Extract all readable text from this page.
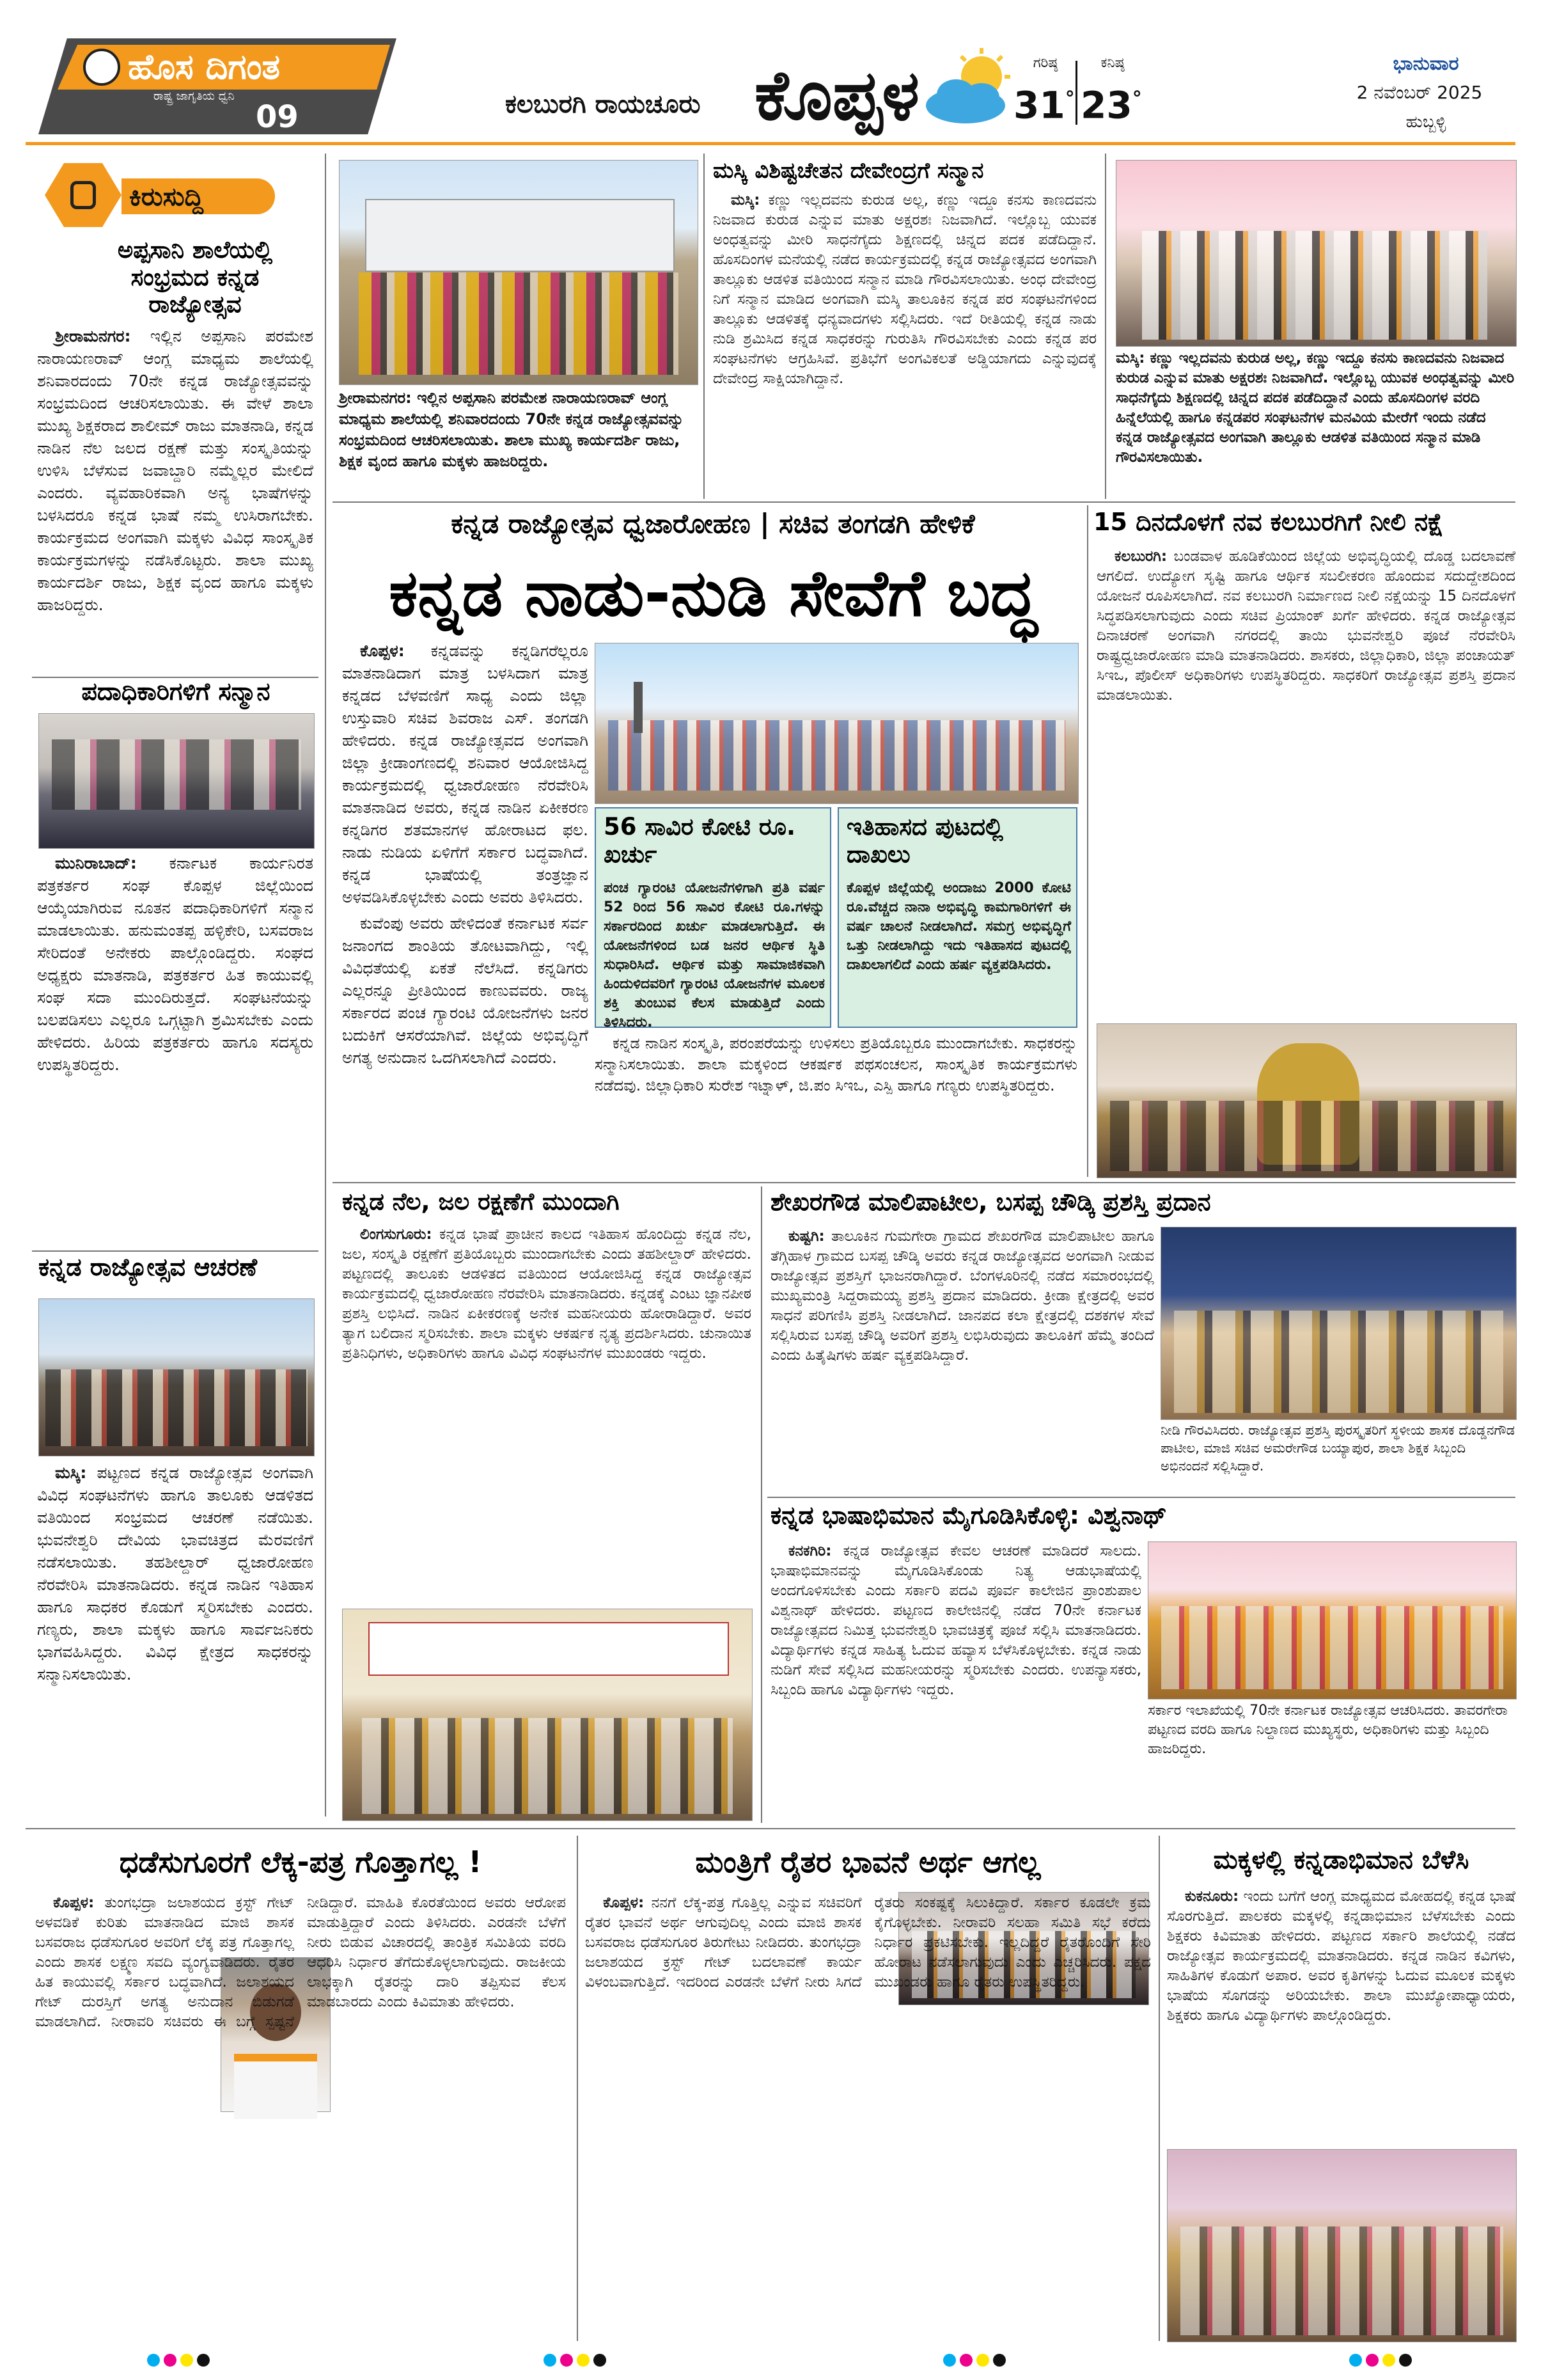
ಹೊಸ ದಿಗಂತ
ರಾಷ್ಟ್ರ ಜಾಗೃತಿಯ ಧ್ವನಿ
09	ಕಲಬುರಗಿ ರಾಯಚೂರು ಕೊಪ್ಪಳ	ಗರಿಷ್ಠ
31°
ಕನಿಷ್ಠ
23°
ಭಾನುವಾರ
2 ನವೆಂಬರ್ 2025
ಹುಬ್ಬಳ್ಳಿ
ಕಿರುಸುದ್ದಿ
ಅಪ್ಪಸಾನಿ ಶಾಲೆಯಲ್ಲಿ ಸಂಭ್ರಮದ ಕನ್ನಡ ರಾಜ್ಯೋತ್ಸವ

ಶ್ರೀರಾಮನಗರ: ಇಲ್ಲಿನ ಅಪ್ಪಸಾನಿ ಪರಮೇಶ ನಾರಾಯಣರಾವ್ ಆಂಗ್ಲ ಮಾಧ್ಯಮ ಶಾಲೆಯಲ್ಲಿ ಶನಿವಾರದಂದು 70ನೇ ಕನ್ನಡ ರಾಜ್ಯೋತ್ಸವವನ್ನು ಸಂಭ್ರಮದಿಂದ ಆಚರಿಸಲಾಯಿತು. ಈ ವೇಳೆ ಶಾಲಾ ಮುಖ್ಯ ಶಿಕ್ಷಕರಾದ ಶಾಲೀಮ್ ರಾಜು ಮಾತನಾಡಿ, ಕನ್ನಡ ನಾಡಿನ ನೆಲ ಜಲದ ರಕ್ಷಣೆ ಮತ್ತು ಸಂಸ್ಕೃತಿಯನ್ನು ಉಳಿಸಿ ಬೆಳೆಸುವ ಜವಾಬ್ದಾರಿ ನಮ್ಮೆಲ್ಲರ ಮೇಲಿದೆ ಎಂದರು. ವ್ಯವಹಾರಿಕವಾಗಿ ಅನ್ಯ ಭಾಷೆಗಳನ್ನು ಬಳಸಿದರೂ ಕನ್ನಡ ಭಾಷೆ ನಮ್ಮ ಉಸಿರಾಗಬೇಕು. ಕಾರ್ಯಕ್ರಮದ ಅಂಗವಾಗಿ ಮಕ್ಕಳು ವಿವಿಧ ಸಾಂಸ್ಕೃತಿಕ ಕಾರ್ಯಕ್ರಮಗಳನ್ನು ನಡೆಸಿಕೊಟ್ಟರು. ಶಾಲಾ ಮುಖ್ಯ ಕಾರ್ಯದರ್ಶಿ ರಾಜು, ಶಿಕ್ಷಕ ವೃಂದ ಹಾಗೂ ಮಕ್ಕಳು ಹಾಜರಿದ್ದರು.

ಪದಾಧಿಕಾರಿಗಳಿಗೆ ಸನ್ಮಾನ

ಮುನಿರಾಬಾದ್: ಕರ್ನಾಟಕ ಕಾರ್ಯನಿರತ ಪತ್ರಕರ್ತರ ಸಂಘ ಕೊಪ್ಪಳ ಜಿಲ್ಲೆಯಿಂದ ಆಯ್ಕೆಯಾಗಿರುವ ನೂತನ ಪದಾಧಿಕಾರಿಗಳಿಗೆ ಸನ್ಮಾನ ಮಾಡಲಾಯಿತು. ಹನುಮಂತಪ್ಪ ಹಳ್ಳಿಕೇರಿ, ಬಸವರಾಜ ಸೇರಿದಂತೆ ಅನೇಕರು ಪಾಲ್ಗೊಂಡಿದ್ದರು. ಸಂಘದ ಅಧ್ಯಕ್ಷರು ಮಾತನಾಡಿ, ಪತ್ರಕರ್ತರ ಹಿತ ಕಾಯುವಲ್ಲಿ ಸಂಘ ಸದಾ ಮುಂದಿರುತ್ತದೆ. ಸಂಘಟನೆಯನ್ನು ಬಲಪಡಿಸಲು ಎಲ್ಲರೂ ಒಗ್ಗಟ್ಟಾಗಿ ಶ್ರಮಿಸಬೇಕು ಎಂದು ಹೇಳಿದರು. ಹಿರಿಯ ಪತ್ರಕರ್ತರು ಹಾಗೂ ಸದಸ್ಯರು ಉಪಸ್ಥಿತರಿದ್ದರು.

ಕನ್ನಡ ರಾಜ್ಯೋತ್ಸವ ಆಚರಣೆ

ಮಸ್ಕಿ: ಪಟ್ಟಣದ ಕನ್ನಡ ರಾಜ್ಯೋತ್ಸವ ಅಂಗವಾಗಿ ವಿವಿಧ ಸಂಘಟನೆಗಳು ಹಾಗೂ ತಾಲೂಕು ಆಡಳಿತದ ವತಿಯಿಂದ ಸಂಭ್ರಮದ ಆಚರಣೆ ನಡೆಯಿತು. ಭುವನೇಶ್ವರಿ ದೇವಿಯ ಭಾವಚಿತ್ರದ ಮೆರವಣಿಗೆ ನಡೆಸಲಾಯಿತು. ತಹಶೀಲ್ದಾರ್ ಧ್ವಜಾರೋಹಣ ನೆರವೇರಿಸಿ ಮಾತನಾಡಿದರು. ಕನ್ನಡ ನಾಡಿನ ಇತಿಹಾಸ ಹಾಗೂ ಸಾಧಕರ ಕೊಡುಗೆ ಸ್ಮರಿಸಬೇಕು ಎಂದರು. ಗಣ್ಯರು, ಶಾಲಾ ಮಕ್ಕಳು ಹಾಗೂ ಸಾರ್ವಜನಿಕರು ಭಾಗವಹಿಸಿದ್ದರು. ವಿವಿಧ ಕ್ಷೇತ್ರದ ಸಾಧಕರನ್ನು ಸನ್ಮಾನಿಸಲಾಯಿತು.

ಶ್ರೀರಾಮನಗರ: ಇಲ್ಲಿನ ಅಪ್ಪಸಾನಿ ಪರಮೇಶ ನಾರಾಯಣರಾವ್ ಆಂಗ್ಲ ಮಾಧ್ಯಮ ಶಾಲೆಯಲ್ಲಿ ಶನಿವಾರದಂದು 70ನೇ ಕನ್ನಡ ರಾಜ್ಯೋತ್ಸವವನ್ನು ಸಂಭ್ರಮದಿಂದ ಆಚರಿಸಲಾಯಿತು. ಶಾಲಾ ಮುಖ್ಯ ಕಾರ್ಯದರ್ಶಿ ರಾಜು, ಶಿಕ್ಷಕ ವೃಂದ ಹಾಗೂ ಮಕ್ಕಳು ಹಾಜರಿದ್ದರು.
ಮಸ್ಕಿ ವಿಶಿಷ್ಟಚೇತನ ದೇವೇಂದ್ರಗೆ ಸನ್ಮಾನ

ಮಸ್ಕಿ: ಕಣ್ಣು ಇಲ್ಲದವನು ಕುರುಡ ಅಲ್ಲ, ಕಣ್ಣು ಇದ್ದೂ ಕನಸು ಕಾಣದವನು ನಿಜವಾದ ಕುರುಡ ಎನ್ನುವ ಮಾತು ಅಕ್ಷರಶಃ ನಿಜವಾಗಿದೆ. ಇಲ್ಲೊಬ್ಬ ಯುವಕ ಅಂಧತ್ವವನ್ನು ಮೀರಿ ಸಾಧನೆಗೈದು ಶಿಕ್ಷಣದಲ್ಲಿ ಚಿನ್ನದ ಪದಕ ಪಡೆದಿದ್ದಾನೆ. ಹೊಸದಿಂಗಳ ಮನೆಯಲ್ಲಿ ನಡೆದ ಕಾರ್ಯಕ್ರಮದಲ್ಲಿ ಕನ್ನಡ ರಾಜ್ಯೋತ್ಸವದ ಅಂಗವಾಗಿ ತಾಲ್ಲೂಕು ಆಡಳಿತ ವತಿಯಿಂದ ಸನ್ಮಾನ ಮಾಡಿ ಗೌರವಿಸಲಾಯಿತು. ಅಂಧ ದೇವೇಂದ್ರ ನಿಗೆ ಸನ್ಮಾನ ಮಾಡಿದ ಅಂಗವಾಗಿ ಮಸ್ಕಿ ತಾಲೂಕಿನ ಕನ್ನಡ ಪರ ಸಂಘಟನೆಗಳಿಂದ ತಾಲ್ಲೂಕು ಆಡಳಿತಕ್ಕೆ ಧನ್ಯವಾದಗಳು ಸಲ್ಲಿಸಿದರು. ಇದೆ ರೀತಿಯಲ್ಲಿ ಕನ್ನಡ ನಾಡು ನುಡಿ ಶ್ರಮಿಸಿದ ಕನ್ನಡ ಸಾಧಕರನ್ನು ಗುರುತಿಸಿ ಗೌರವಿಸಬೇಕು ಎಂದು ಕನ್ನಡ ಪರ ಸಂಘಟನೆಗಳು ಆಗ್ರಹಿಸಿವೆ. ಪ್ರತಿಭೆಗೆ ಅಂಗವಿಕಲತೆ ಅಡ್ಡಿಯಾಗದು ಎನ್ನುವುದಕ್ಕೆ ದೇವೇಂದ್ರ ಸಾಕ್ಷಿಯಾಗಿದ್ದಾನೆ.

ಮಸ್ಕಿ: ಕಣ್ಣು ಇಲ್ಲದವನು ಕುರುಡ ಅಲ್ಲ, ಕಣ್ಣು ಇದ್ದೂ ಕನಸು ಕಾಣದವನು ನಿಜವಾದ ಕುರುಡ ಎನ್ನುವ ಮಾತು ಅಕ್ಷರಶಃ ನಿಜವಾಗಿದೆ. ಇಲ್ಲೊಬ್ಬ ಯುವಕ ಅಂಧತ್ವವನ್ನು ಮೀರಿ ಸಾಧನೆಗೈದು ಶಿಕ್ಷಣದಲ್ಲಿ ಚಿನ್ನದ ಪದಕ ಪಡೆದಿದ್ದಾನೆ ಎಂದು ಹೊಸದಿಂಗಳ ವರದಿ ಹಿನ್ನೆಲೆಯಲ್ಲಿ ಹಾಗೂ ಕನ್ನಡಪರ ಸಂಘಟನೆಗಳ ಮನವಿಯ ಮೇರೆಗೆ ಇಂದು ನಡೆದ ಕನ್ನಡ ರಾಜ್ಯೋತ್ಸವದ ಅಂಗವಾಗಿ ತಾಲ್ಲೂಕು ಆಡಳಿತ ವತಿಯಿಂದ ಸನ್ಮಾನ ಮಾಡಿ ಗೌರವಿಸಲಾಯಿತು.
ಕನ್ನಡ ರಾಜ್ಯೋತ್ಸವ ಧ್ವಜಾರೋಹಣ | ಸಚಿವ ತಂಗಡಗಿ ಹೇಳಿಕೆ
ಕನ್ನಡ ನಾಡು-ನುಡಿ ಸೇವೆಗೆ ಬದ್ಧ

ಕೊಪ್ಪಳ: ಕನ್ನಡವನ್ನು ಕನ್ನಡಿಗರೆಲ್ಲರೂ ಮಾತನಾಡಿದಾಗ ಮಾತ್ರ ಬಳಸಿದಾಗ ಮಾತ್ರ ಕನ್ನಡದ ಬೆಳವಣಿಗೆ ಸಾಧ್ಯ ಎಂದು ಜಿಲ್ಲಾ ಉಸ್ತುವಾರಿ ಸಚಿವ ಶಿವರಾಜ ಎಸ್. ತಂಗಡಗಿ ಹೇಳಿದರು. ಕನ್ನಡ ರಾಜ್ಯೋತ್ಸವದ ಅಂಗವಾಗಿ ಜಿಲ್ಲಾ ಕ್ರೀಡಾಂಗಣದಲ್ಲಿ ಶನಿವಾರ ಆಯೋಜಿಸಿದ್ದ ಕಾರ್ಯಕ್ರಮದಲ್ಲಿ ಧ್ವಜಾರೋಹಣ ನೆರವೇರಿಸಿ ಮಾತನಾಡಿದ ಅವರು, ಕನ್ನಡ ನಾಡಿನ ಏಕೀಕರಣ ಕನ್ನಡಿಗರ ಶತಮಾನಗಳ ಹೋರಾಟದ ಫಲ. ನಾಡು ನುಡಿಯ ಏಳಿಗೆಗೆ ಸರ್ಕಾರ ಬದ್ಧವಾಗಿದೆ. ಕನ್ನಡ ಭಾಷೆಯಲ್ಲಿ ತಂತ್ರಜ್ಞಾನ ಅಳವಡಿಸಿಕೊಳ್ಳಬೇಕು ಎಂದು ಅವರು ತಿಳಿಸಿದರು.

ಕುವೆಂಪು ಅವರು ಹೇಳಿದಂತೆ ಕರ್ನಾಟಕ ಸರ್ವ ಜನಾಂಗದ ಶಾಂತಿಯ ತೋಟವಾಗಿದ್ದು, ಇಲ್ಲಿ ವಿವಿಧತೆಯಲ್ಲಿ ಏಕತೆ ನೆಲೆಸಿದೆ. ಕನ್ನಡಿಗರು ಎಲ್ಲರನ್ನೂ ಪ್ರೀತಿಯಿಂದ ಕಾಣುವವರು. ರಾಜ್ಯ ಸರ್ಕಾರದ ಪಂಚ ಗ್ಯಾರಂಟಿ ಯೋಜನೆಗಳು ಜನರ ಬದುಕಿಗೆ ಆಸರೆಯಾಗಿವೆ. ಜಿಲ್ಲೆಯ ಅಭಿವೃದ್ಧಿಗೆ ಅಗತ್ಯ ಅನುದಾನ ಒದಗಿಸಲಾಗಿದೆ ಎಂದರು.

56 ಸಾವಿರ ಕೋಟಿ ರೂ. ಖರ್ಚು
ಪಂಚ ಗ್ಯಾರಂಟಿ ಯೋಜನೆಗಳಿಗಾಗಿ ಪ್ರತಿ ವರ್ಷ 52 ರಿಂದ 56 ಸಾವಿರ ಕೋಟಿ ರೂ.ಗಳನ್ನು ಸರ್ಕಾರದಿಂದ ಖರ್ಚು ಮಾಡಲಾಗುತ್ತಿದೆ. ಈ ಯೋಜನೆಗಳಿಂದ ಬಡ ಜನರ ಆರ್ಥಿಕ ಸ್ಥಿತಿ ಸುಧಾರಿಸಿದೆ. ಆರ್ಥಿಕ ಮತ್ತು ಸಾಮಾಜಿಕವಾಗಿ ಹಿಂದುಳಿದವರಿಗೆ ಗ್ಯಾರಂಟಿ ಯೋಜನೆಗಳ ಮೂಲಕ ಶಕ್ತಿ ತುಂಬುವ ಕೆಲಸ ಮಾಡುತ್ತಿದೆ ಎಂದು ತಿಳಿಸಿದರು.
ಇತಿಹಾಸದ ಪುಟದಲ್ಲಿ ದಾಖಲು
ಕೊಪ್ಪಳ ಜಿಲ್ಲೆಯಲ್ಲಿ ಅಂದಾಜು 2000 ಕೋಟಿ ರೂ.ವೆಚ್ಚದ ನಾನಾ ಅಭಿವೃದ್ಧಿ ಕಾಮಗಾರಿಗಳಿಗೆ ಈ ವರ್ಷ ಚಾಲನೆ ನೀಡಲಾಗಿದೆ. ಸಮಗ್ರ ಅಭಿವೃದ್ಧಿಗೆ ಒತ್ತು ನೀಡಲಾಗಿದ್ದು ಇದು ಇತಿಹಾಸದ ಪುಟದಲ್ಲಿ ದಾಖಲಾಗಲಿದೆ ಎಂದು ಹರ್ಷ ವ್ಯಕ್ತಪಡಿಸಿದರು.

ಕನ್ನಡ ನಾಡಿನ ಸಂಸ್ಕೃತಿ, ಪರಂಪರೆಯನ್ನು ಉಳಿಸಲು ಪ್ರತಿಯೊಬ್ಬರೂ ಮುಂದಾಗಬೇಕು. ಸಾಧಕರನ್ನು ಸನ್ಮಾನಿಸಲಾಯಿತು. ಶಾಲಾ ಮಕ್ಕಳಿಂದ ಆಕರ್ಷಕ ಪಥಸಂಚಲನ, ಸಾಂಸ್ಕೃತಿಕ ಕಾರ್ಯಕ್ರಮಗಳು ನಡೆದವು. ಜಿಲ್ಲಾಧಿಕಾರಿ ಸುರೇಶ ಇಟ್ನಾಳ್, ಜಿ.ಪಂ ಸಿಇಒ, ಎಸ್ಪಿ ಹಾಗೂ ಗಣ್ಯರು ಉಪಸ್ಥಿತರಿದ್ದರು.

15 ದಿನದೊಳಗೆ ನವ ಕಲಬುರಗಿಗೆ ನೀಲಿ ನಕ್ಷೆ

ಕಲಬುರಗಿ: ಬಂಡವಾಳ ಹೂಡಿಕೆಯಿಂದ ಜಿಲ್ಲೆಯ ಅಭಿವೃದ್ಧಿಯಲ್ಲಿ ದೊಡ್ಡ ಬದಲಾವಣೆ ಆಗಲಿದೆ. ಉದ್ಯೋಗ ಸೃಷ್ಟಿ ಹಾಗೂ ಆರ್ಥಿಕ ಸಬಲೀಕರಣ ಹೊಂದುವ ಸದುದ್ದೇಶದಿಂದ ಯೋಜನೆ ರೂಪಿಸಲಾಗಿದೆ. ನವ ಕಲಬುರಗಿ ನಿರ್ಮಾಣದ ನೀಲಿ ನಕ್ಷೆಯನ್ನು 15 ದಿನದೊಳಗೆ ಸಿದ್ಧಪಡಿಸಲಾಗುವುದು ಎಂದು ಸಚಿವ ಪ್ರಿಯಾಂಕ್ ಖರ್ಗೆ ಹೇಳಿದರು. ಕನ್ನಡ ರಾಜ್ಯೋತ್ಸವ ದಿನಾಚರಣೆ ಅಂಗವಾಗಿ ನಗರದಲ್ಲಿ ತಾಯಿ ಭುವನೇಶ್ವರಿ ಪೂಜೆ ನೆರವೇರಿಸಿ ರಾಷ್ಟ್ರಧ್ವಜಾರೋಹಣ ಮಾಡಿ ಮಾತನಾಡಿದರು. ಶಾಸಕರು, ಜಿಲ್ಲಾಧಿಕಾರಿ, ಜಿಲ್ಲಾ ಪಂಚಾಯತ್ ಸಿಇಒ, ಪೊಲೀಸ್ ಅಧಿಕಾರಿಗಳು ಉಪಸ್ಥಿತರಿದ್ದರು. ಸಾಧಕರಿಗೆ ರಾಜ್ಯೋತ್ಸವ ಪ್ರಶಸ್ತಿ ಪ್ರದಾನ ಮಾಡಲಾಯಿತು.

ಕನ್ನಡ ನೆಲ, ಜಲ ರಕ್ಷಣೆಗೆ ಮುಂದಾಗಿ

ಲಿಂಗಸುಗೂರು: ಕನ್ನಡ ಭಾಷೆ ಪ್ರಾಚೀನ ಕಾಲದ ಇತಿಹಾಸ ಹೊಂದಿದ್ದು ಕನ್ನಡ ನೆಲ, ಜಲ, ಸಂಸ್ಕೃತಿ ರಕ್ಷಣೆಗೆ ಪ್ರತಿಯೊಬ್ಬರು ಮುಂದಾಗಬೇಕು ಎಂದು ತಹಶೀಲ್ದಾರ್ ಹೇಳಿದರು. ಪಟ್ಟಣದಲ್ಲಿ ತಾಲೂಕು ಆಡಳಿತದ ವತಿಯಿಂದ ಆಯೋಜಿಸಿದ್ದ ಕನ್ನಡ ರಾಜ್ಯೋತ್ಸವ ಕಾರ್ಯಕ್ರಮದಲ್ಲಿ ಧ್ವಜಾರೋಹಣ ನೆರವೇರಿಸಿ ಮಾತನಾಡಿದರು. ಕನ್ನಡಕ್ಕೆ ಎಂಟು ಜ್ಞಾನಪೀಠ ಪ್ರಶಸ್ತಿ ಲಭಿಸಿದೆ. ನಾಡಿನ ಏಕೀಕರಣಕ್ಕೆ ಅನೇಕ ಮಹನೀಯರು ಹೋರಾಡಿದ್ದಾರೆ. ಅವರ ತ್ಯಾಗ ಬಲಿದಾನ ಸ್ಮರಿಸಬೇಕು. ಶಾಲಾ ಮಕ್ಕಳು ಆಕರ್ಷಕ ನೃತ್ಯ ಪ್ರದರ್ಶಿಸಿದರು. ಚುನಾಯಿತ ಪ್ರತಿನಿಧಿಗಳು, ಅಧಿಕಾರಿಗಳು ಹಾಗೂ ವಿವಿಧ ಸಂಘಟನೆಗಳ ಮುಖಂಡರು ಇದ್ದರು.

ಶೇಖರಗೌಡ ಮಾಲಿಪಾಟೀಲ, ಬಸಪ್ಪ ಚೌಡ್ಕಿ ಪ್ರಶಸ್ತಿ ಪ್ರದಾನ

ಕುಷ್ಟಗಿ: ತಾಲೂಕಿನ ಗುಮಗೇರಾ ಗ್ರಾಮದ ಶೇಖರಗೌಡ ಮಾಲಿಪಾಟೀಲ ಹಾಗೂ ತೆಗ್ಗಿಹಾಳ ಗ್ರಾಮದ ಬಸಪ್ಪ ಚೌಡ್ಕಿ ಅವರು ಕನ್ನಡ ರಾಜ್ಯೋತ್ಸವದ ಅಂಗವಾಗಿ ನೀಡುವ ರಾಜ್ಯೋತ್ಸವ ಪ್ರಶಸ್ತಿಗೆ ಭಾಜನರಾಗಿದ್ದಾರೆ. ಬೆಂಗಳೂರಿನಲ್ಲಿ ನಡೆದ ಸಮಾರಂಭದಲ್ಲಿ ಮುಖ್ಯಮಂತ್ರಿ ಸಿದ್ದರಾಮಯ್ಯ ಪ್ರಶಸ್ತಿ ಪ್ರದಾನ ಮಾಡಿದರು. ಕ್ರೀಡಾ ಕ್ಷೇತ್ರದಲ್ಲಿ ಅವರ ಸಾಧನೆ ಪರಿಗಣಿಸಿ ಪ್ರಶಸ್ತಿ ನೀಡಲಾಗಿದೆ. ಜಾನಪದ ಕಲಾ ಕ್ಷೇತ್ರದಲ್ಲಿ ದಶಕಗಳ ಸೇವೆ ಸಲ್ಲಿಸಿರುವ ಬಸಪ್ಪ ಚೌಡ್ಕಿ ಅವರಿಗೆ ಪ್ರಶಸ್ತಿ ಲಭಿಸಿರುವುದು ತಾಲೂಕಿಗೆ ಹೆಮ್ಮೆ ತಂದಿದೆ ಎಂದು ಹಿತೈಷಿಗಳು ಹರ್ಷ ವ್ಯಕ್ತಪಡಿಸಿದ್ದಾರೆ.

ನೀಡಿ ಗೌರವಿಸಿದರು. ರಾಜ್ಯೋತ್ಸವ ಪ್ರಶಸ್ತಿ ಪುರಸ್ಕೃತರಿಗೆ ಸ್ಥಳೀಯ ಶಾಸಕ ದೊಡ್ಡನಗೌಡ ಪಾಟೀಲ, ಮಾಜಿ ಸಚಿವ ಅಮರೇಗೌಡ ಬಯ್ಯಾಪುರ, ಶಾಲಾ ಶಿಕ್ಷಕ ಸಿಬ್ಬಂದಿ ಅಭಿನಂದನೆ ಸಲ್ಲಿಸಿದ್ದಾರೆ.
ಕನ್ನಡ ಭಾಷಾಭಿಮಾನ ಮೈಗೂಡಿಸಿಕೊಳ್ಳಿ: ವಿಶ್ವನಾಥ್

ಕನಕಗಿರಿ: ಕನ್ನಡ ರಾಜ್ಯೋತ್ಸವ ಕೇವಲ ಆಚರಣೆ ಮಾಡಿದರೆ ಸಾಲದು. ಭಾಷಾಭಿಮಾನವನ್ನು ಮೈಗೂಡಿಸಿಕೊಂಡು ನಿತ್ಯ ಆಡುಭಾಷೆಯಲ್ಲಿ ಅಂದಗೊಳಿಸಬೇಕು ಎಂದು ಸರ್ಕಾರಿ ಪದವಿ ಪೂರ್ವ ಕಾಲೇಜಿನ ಪ್ರಾಂಶುಪಾಲ ವಿಶ್ವನಾಥ್ ಹೇಳಿದರು. ಪಟ್ಟಣದ ಕಾಲೇಜಿನಲ್ಲಿ ನಡೆದ 70ನೇ ಕರ್ನಾಟಕ ರಾಜ್ಯೋತ್ಸವದ ನಿಮಿತ್ತ ಭುವನೇಶ್ವರಿ ಭಾವಚಿತ್ರಕ್ಕೆ ಪೂಜೆ ಸಲ್ಲಿಸಿ ಮಾತನಾಡಿದರು. ವಿದ್ಯಾರ್ಥಿಗಳು ಕನ್ನಡ ಸಾಹಿತ್ಯ ಓದುವ ಹವ್ಯಾಸ ಬೆಳೆಸಿಕೊಳ್ಳಬೇಕು. ಕನ್ನಡ ನಾಡು ನುಡಿಗೆ ಸೇವೆ ಸಲ್ಲಿಸಿದ ಮಹನೀಯರನ್ನು ಸ್ಮರಿಸಬೇಕು ಎಂದರು. ಉಪನ್ಯಾಸಕರು, ಸಿಬ್ಬಂದಿ ಹಾಗೂ ವಿದ್ಯಾರ್ಥಿಗಳು ಇದ್ದರು.

ಸರ್ಕಾರ ಇಲಾಖೆಯಲ್ಲಿ 70ನೇ ಕರ್ನಾಟಕ ರಾಜ್ಯೋತ್ಸವ ಆಚರಿಸಿದರು. ತಾವರಗೇರಾ ಪಟ್ಟಣದ ವರದಿ ಹಾಗೂ ನಿಲ್ದಾಣದ ಮುಖ್ಯಸ್ಥರು, ಅಧಿಕಾರಿಗಳು ಮತ್ತು ಸಿಬ್ಬಂದಿ ಹಾಜರಿದ್ದರು.
ಧಡೆಸುಗೂರಗೆ ಲೆಕ್ಕ-ಪತ್ರ ಗೊತ್ತಾಗಲ್ಲ !

ಕೊಪ್ಪಳ: ತುಂಗಭದ್ರಾ ಜಲಾಶಯದ ಕ್ರಸ್ಟ್ ಗೇಟ್ ಅಳವಡಿಕೆ ಕುರಿತು ಮಾತನಾಡಿದ ಮಾಜಿ ಶಾಸಕ ಬಸವರಾಜ ಧಡೆಸುಗೂರ ಅವರಿಗೆ ಲೆಕ್ಕ ಪತ್ರ ಗೊತ್ತಾಗಲ್ಲ ಎಂದು ಶಾಸಕ ಲಕ್ಷ್ಮಣ ಸವದಿ ವ್ಯಂಗ್ಯವಾಡಿದರು. ರೈತರ ಹಿತ ಕಾಯುವಲ್ಲಿ ಸರ್ಕಾರ ಬದ್ಧವಾಗಿದೆ. ಜಲಾಶಯದ ಗೇಟ್ ದುರಸ್ತಿಗೆ ಅಗತ್ಯ ಅನುದಾನ ಬಿಡುಗಡೆ ಮಾಡಲಾಗಿದೆ. ನೀರಾವರಿ ಸಚಿವರು ಈ ಬಗ್ಗೆ ಸ್ಪಷ್ಟನೆ ನೀಡಿದ್ದಾರೆ. ಮಾಹಿತಿ ಕೊರತೆಯಿಂದ ಅವರು ಆರೋಪ ಮಾಡುತ್ತಿದ್ದಾರೆ ಎಂದು ತಿಳಿಸಿದರು. ಎರಡನೇ ಬೆಳೆಗೆ ನೀರು ಬಿಡುವ ವಿಚಾರದಲ್ಲಿ ತಾಂತ್ರಿಕ ಸಮಿತಿಯ ವರದಿ ಆಧರಿಸಿ ನಿರ್ಧಾರ ತೆಗೆದುಕೊಳ್ಳಲಾಗುವುದು. ರಾಜಕೀಯ ಲಾಭಕ್ಕಾಗಿ ರೈತರನ್ನು ದಾರಿ ತಪ್ಪಿಸುವ ಕೆಲಸ ಮಾಡಬಾರದು ಎಂದು ಕಿವಿಮಾತು ಹೇಳಿದರು.

ಮಂತ್ರಿಗೆ ರೈತರ ಭಾವನೆ ಅರ್ಥ ಆಗಲ್ಲ

ಕೊಪ್ಪಳ: ನನಗೆ ಲೆಕ್ಕ-ಪತ್ರ ಗೊತ್ತಿಲ್ಲ ಎನ್ನುವ ಸಚಿವರಿಗೆ ರೈತರ ಭಾವನೆ ಅರ್ಥ ಆಗುವುದಿಲ್ಲ ಎಂದು ಮಾಜಿ ಶಾಸಕ ಬಸವರಾಜ ಧಡೆಸುಗೂರ ತಿರುಗೇಟು ನೀಡಿದರು. ತುಂಗಭದ್ರಾ ಜಲಾಶಯದ ಕ್ರಸ್ಟ್ ಗೇಟ್ ಬದಲಾವಣೆ ಕಾರ್ಯ ವಿಳಂಬವಾಗುತ್ತಿದೆ. ಇದರಿಂದ ಎರಡನೇ ಬೆಳೆಗೆ ನೀರು ಸಿಗದೆ ರೈತರು ಸಂಕಷ್ಟಕ್ಕೆ ಸಿಲುಕಿದ್ದಾರೆ. ಸರ್ಕಾರ ಕೂಡಲೇ ಕ್ರಮ ಕೈಗೊಳ್ಳಬೇಕು. ನೀರಾವರಿ ಸಲಹಾ ಸಮಿತಿ ಸಭೆ ಕರೆದು ನಿರ್ಧಾರ ಪ್ರಕಟಿಸಬೇಕು. ಇಲ್ಲದಿದ್ದರೆ ರೈತರೊಂದಿಗೆ ಸೇರಿ ಹೋರಾಟ ನಡೆಸಲಾಗುವುದು ಎಂದು ಎಚ್ಚರಿಸಿದರು. ಪಕ್ಷದ ಮುಖಂಡರು ಹಾಗೂ ರೈತರು ಉಪಸ್ಥಿತರಿದ್ದರು.

ಮಕ್ಕಳಲ್ಲಿ ಕನ್ನಡಾಭಿಮಾನ ಬೆಳೆಸಿ

ಕುಕನೂರು: ಇಂದು ಬಗೆಗೆ ಆಂಗ್ಲ ಮಾಧ್ಯಮದ ಮೋಹದಲ್ಲಿ ಕನ್ನಡ ಭಾಷೆ ಸೊರಗುತ್ತಿದೆ. ಪಾಲಕರು ಮಕ್ಕಳಲ್ಲಿ ಕನ್ನಡಾಭಿಮಾನ ಬೆಳೆಸಬೇಕು ಎಂದು ಶಿಕ್ಷಕರು ಕಿವಿಮಾತು ಹೇಳಿದರು. ಪಟ್ಟಣದ ಸರ್ಕಾರಿ ಶಾಲೆಯಲ್ಲಿ ನಡೆದ ರಾಜ್ಯೋತ್ಸವ ಕಾರ್ಯಕ್ರಮದಲ್ಲಿ ಮಾತನಾಡಿದರು. ಕನ್ನಡ ನಾಡಿನ ಕವಿಗಳು, ಸಾಹಿತಿಗಳ ಕೊಡುಗೆ ಅಪಾರ. ಅವರ ಕೃತಿಗಳನ್ನು ಓದುವ ಮೂಲಕ ಮಕ್ಕಳು ಭಾಷೆಯ ಸೊಗಡನ್ನು ಅರಿಯಬೇಕು. ಶಾಲಾ ಮುಖ್ಯೋಪಾಧ್ಯಾಯರು, ಶಿಕ್ಷಕರು ಹಾಗೂ ವಿದ್ಯಾರ್ಥಿಗಳು ಪಾಲ್ಗೊಂಡಿದ್ದರು.
